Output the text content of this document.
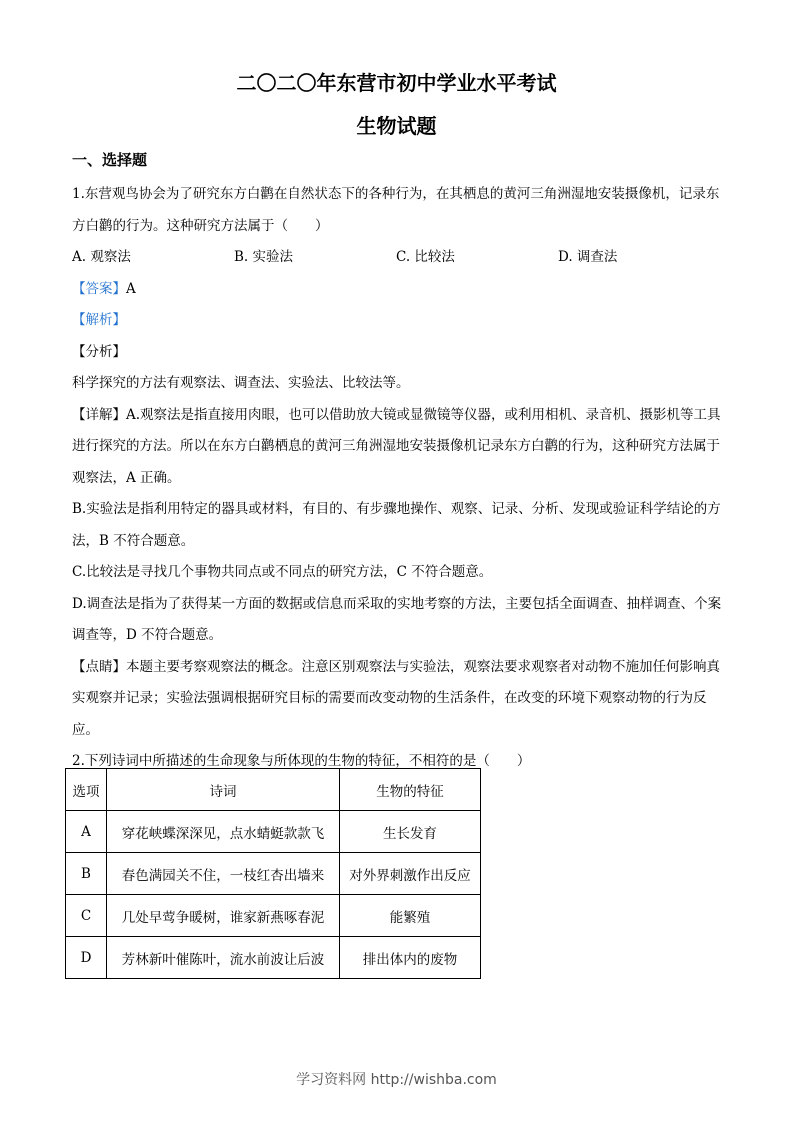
二〇二〇年东营市初中学业水平考试
生物试题
一、选择题

1.东营观鸟协会为了研究东方白鹳在自然状态下的各种行为，在其栖息的黄河三角洲湿地安装摄像机，记录东方白鹳的行为。这种研究方法属于（　　）

A. 观察法	B. 实验法	C. 比较法	D. 调查法

【答案】A

【解析】

【分析】

科学探究的方法有观察法、调查法、实验法、比较法等。

【详解】A.观察法是指直接用肉眼，也可以借助放大镜或显微镜等仪器，或利用相机、录音机、摄影机等工具进行探究的方法。所以在东方白鹳栖息的黄河三角洲湿地安装摄像机记录东方白鹳的行为，这种研究方法属于观察法，A 正确。

B.实验法是指利用特定的器具或材料，有目的、有步骤地操作、观察、记录、分析、发现或验证科学结论的方法，B 不符合题意。

C.比较法是寻找几个事物共同点或不同点的研究方法，C 不符合题意。

D.调查法是指为了获得某一方面的数据或信息而采取的实地考察的方法，主要包括全面调查、抽样调查、个案调查等，D 不符合题意。

【点睛】本题主要考察观察法的概念。注意区别观察法与实验法，观察法要求观察者对动物不施加任何影响真实观察并记录；实验法强调根据研究目标的需要而改变动物的生活条件，在改变的环境下观察动物的行为反应。

2.下列诗词中所描述的生命现象与所体现的生物的特征，不相符的是（　　）

选项	诗词	生物的特征
A	穿花峡蝶深深见，点水蜻蜓款款飞	生长发育
B	春色满园关不住，一枝红杏出墙来	对外界刺激作出反应
C	几处早莺争暖树，谁家新燕啄春泥	能繁殖
D	芳林新叶催陈叶，流水前波让后波	排出体内的废物
学习资料网 http://wishba.com
